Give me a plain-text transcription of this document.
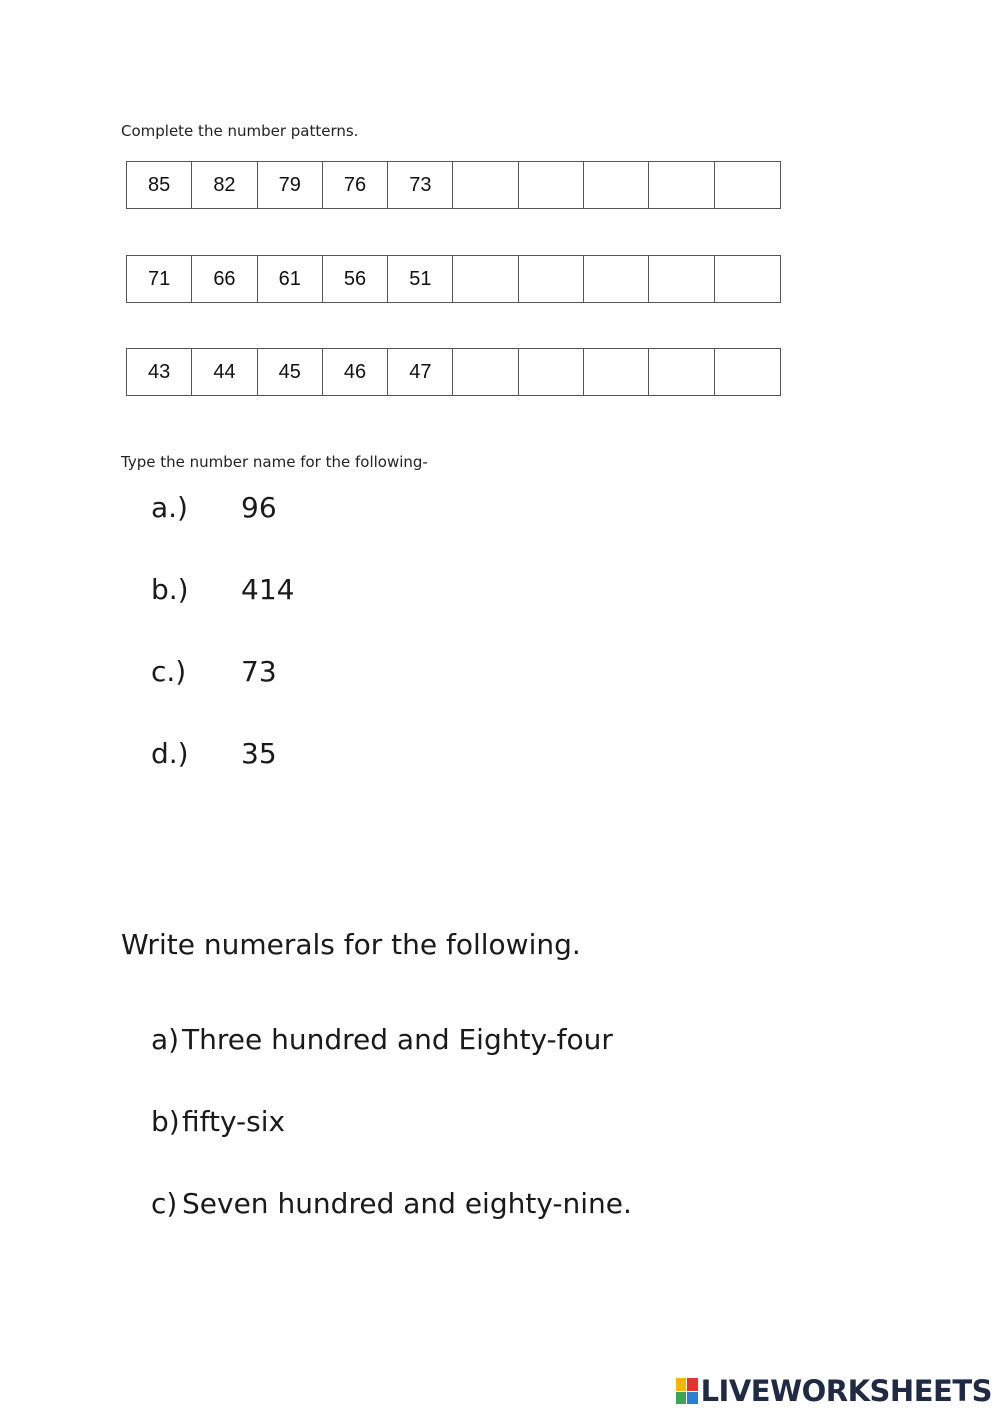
Complete the number patterns.
85	82	79	76	73
71	66	61	56	51
43	44	45	46	47
Type the number name for the following-
a.)	96
b.)	414
c.)	73
d.)	35
Write numerals for the following.
a) Three hundred and Eighty-four
b) fifty-six
c) Seven hundred and eighty-nine.
LIVEWORKSHEETS
